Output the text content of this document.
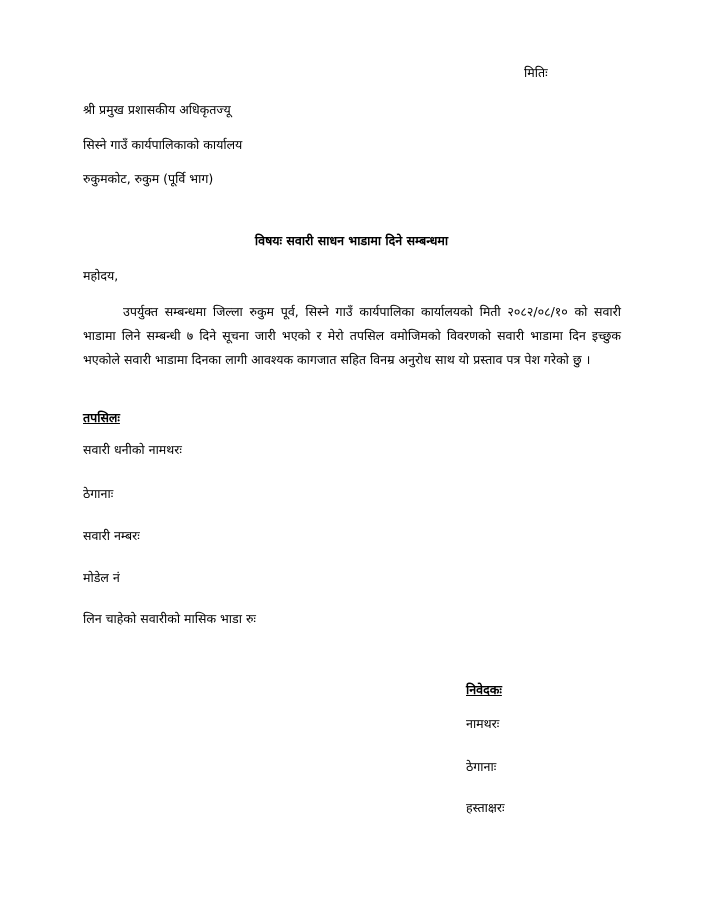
मितिः
श्री प्रमुख प्रशासकीय अधिकृतज्यू
सिस्ने गाउँ कार्यपालिकाको कार्यालय
रुकुमकोट, रुकुम (पूर्वि भाग)
विषयः सवारी साधन भाडामा दिने सम्बन्धमा
महोदय,
उपर्युक्त सम्बन्धमा जिल्ला रुकुम पूर्व, सिस्ने गाउँ कार्यपालिका कार्यालयको मिती २०८२/०८/१० को सवारी भाडामा लिने सम्बन्धी ७ दिने सूचना जारी भएको र मेरो तपसिल वमोजिमको विवरणको सवारी भाडामा दिन इच्छुक भएकोले सवारी भाडामा दिनका लागी आवश्यक कागजात सहित विनम्र अनुरोध साथ यो प्रस्ताव पत्र पेश गरेको छु ।
तपसिलः
सवारी धनीको नामथरः
ठेगानाः
सवारी नम्बरः
मोडेल नं
लिन चाहेको सवारीको मासिक भाडा रुः
निवेदकः
नामथरः
ठेगानाः
हस्ताक्षरः
